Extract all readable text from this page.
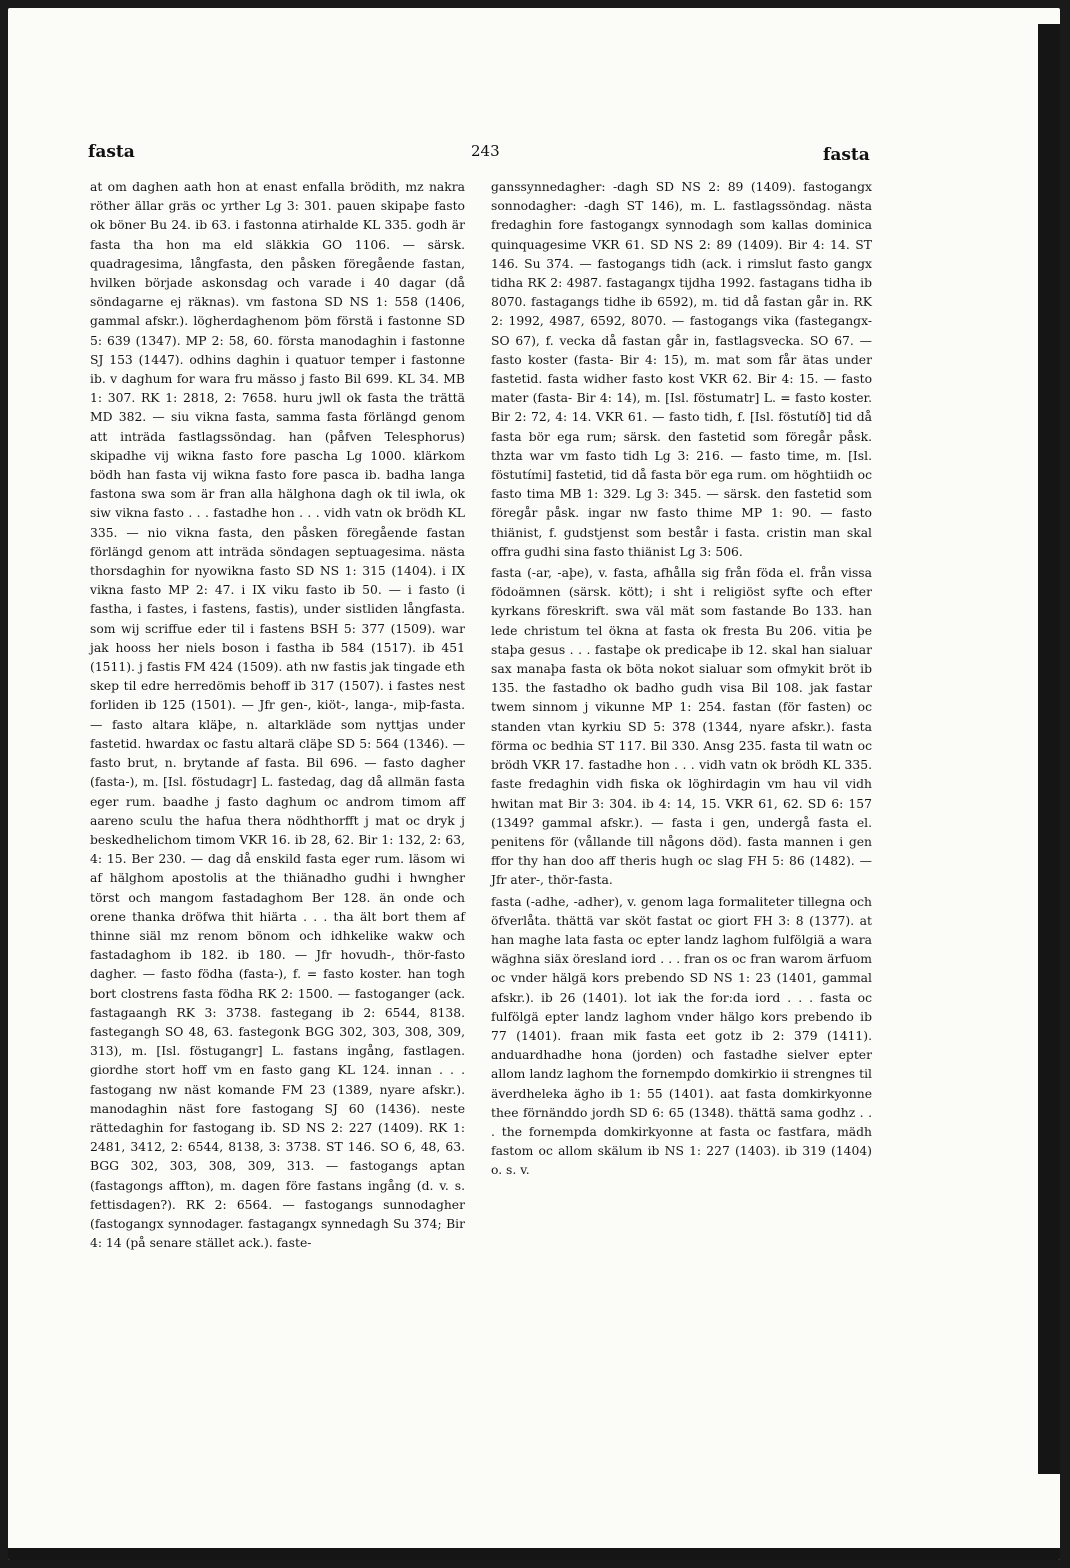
fasta	243	fasta

at om daghen aath hon at enast enfalla brödith, mz nakra röther ällar gräs oc yrther Lg 3: 301. pauen skipaþe fasto ok böner Bu 24. ib 63. i fastonna atirhalde KL 335. godh är fasta tha hon ma eld släkkia GO 1106. — särsk. quadragesima, långfasta, den påsken föregående fastan, hvilken började askonsdag och varade i 40 dagar (då söndagarne ej räknas). vm fastona SD NS 1: 558 (1406, gammal afskr.). lögherdaghenom þöm förstä i fastonne SD 5: 639 (1347). MP 2: 58, 60. första manodaghin i fastonne SJ 153 (1447). odhins daghin i quatuor temper i fastonne ib. v daghum for wara fru mässo j fasto Bil 699. KL 34. MB 1: 307. RK 1: 2818, 2: 7658. huru jwll ok fasta the trättä MD 382. — siu vikna fasta, samma fasta förlängd genom att inträda fastlagssöndag. han (påfven Telesphorus) skipadhe vij wikna fasto fore pascha Lg 1000. klärkom bödh han fasta vij wikna fasto fore pasca ib. badha langa fastona swa som är fran alla hälghona dagh ok til iwla, ok siw vikna fasto . . . fastadhe hon . . . vidh vatn ok brödh KL 335. — nio vikna fasta, den påsken föregående fastan förlängd genom att inträda söndagen septuagesima. nästa thorsdaghin for nyowikna fasto SD NS 1: 315 (1404). i IX vikna fasto MP 2: 47. i IX viku fasto ib 50. — i fasto (i fastha, i fastes, i fastens, fastis), under sistliden långfasta. som wij scriffue eder til i fastens BSH 5: 377 (1509). war jak hooss her niels boson i fastha ib 584 (1517). ib 451 (1511). j fastis FM 424 (1509). ath nw fastis jak tingade eth skep til edre herredömis behoff ib 317 (1507). i fastes nest forliden ib 125 (1501). — Jfr gen-, kiöt-, langa-, miþ-fasta. — fasto altara kläþe, n. altarkläde som nyttjas under fastetid. hwardax oc fastu altarä cläþe SD 5: 564 (1346). — fasto brut, n. brytande af fasta. Bil 696. — fasto dagher (fasta-), m. [Isl. föstudagr] L. fastedag, dag då allmän fasta eger rum. baadhe j fasto daghum oc androm timom aff aareno sculu the hafua thera nödhthorfft j mat oc dryk j beskedhelichom timom VKR 16. ib 28, 62. Bir 1: 132, 2: 63, 4: 15. Ber 230. — dag då enskild fasta eger rum. läsom wi af hälghom apostolis at the thiänadho gudhi i hwngher törst och mangom fastadaghom Ber 128. än onde och orene thanka dröfwa thit hiärta . . . tha ält bort them af thinne siäl mz renom bönom och idhkelike wakw och fastadaghom ib 182. ib 180. — Jfr hovudh-, thör-fasto dagher. — fasto födha (fasta-), f. = fasto koster. han togh bort clostrens fasta födha RK 2: 1500. — fastoganger (ack. fastagaangh RK 3: 3738. fastegang ib 2: 6544, 8138. fastegangh SO 48, 63. fastegonk BGG 302, 303, 308, 309, 313), m. [Isl. föstugangr] L. fastans ingång, fastlagen. giordhe stort hoff vm en fasto gang KL 124. innan . . . fastogang nw näst komande FM 23 (1389, nyare afskr.). manodaghin näst fore fastogang SJ 60 (1436). neste rättedaghin for fastogang ib. SD NS 2: 227 (1409). RK 1: 2481, 3412, 2: 6544, 8138, 3: 3738. ST 146. SO 6, 48, 63. BGG 302, 303, 308, 309, 313. — fastogangs aptan (fastagongs affton), m. dagen före fastans ingång (d. v. s. fettisdagen?). RK 2: 6564. — fastogangs sunnodagher (fastogangx synnodager. fastagangx synnedagh Su 374; Bir 4: 14 (på senare stället ack.). faste-

ganssynnedagher: -dagh SD NS 2: 89 (1409). fastogangx sonnodagher: -dagh ST 146), m. L. fastlagssöndag. nästa fredaghin fore fastogangx synnodagh som kallas dominica quinquagesime VKR 61. SD NS 2: 89 (1409). Bir 4: 14. ST 146. Su 374. — fastogangs tidh (ack. i rimslut fasto gangx tidha RK 2: 4987. fastagangx tijdha 1992. fastagans tidha ib 8070. fastagangs tidhe ib 6592), m. tid då fastan går in. RK 2: 1992, 4987, 6592, 8070. — fastogangs vika (fastegangx- SO 67), f. vecka då fastan går in, fastlagsvecka. SO 67. — fasto koster (fasta- Bir 4: 15), m. mat som får ätas under fastetid. fasta widher fasto kost VKR 62. Bir 4: 15. — fasto mater (fasta- Bir 4: 14), m. [Isl. föstumatr] L. = fasto koster. Bir 2: 72, 4: 14. VKR 61. — fasto tidh, f. [Isl. föstutíð] tid då fasta bör ega rum; särsk. den fastetid som föregår påsk. thzta war vm fasto tidh Lg 3: 216. — fasto time, m. [Isl. föstutími] fastetid, tid då fasta bör ega rum. om höghtiidh oc fasto tima MB 1: 329. Lg 3: 345. — särsk. den fastetid som föregår påsk. ingar nw fasto thime MP 1: 90. — fasto thiänist, f. gudstjenst som består i fasta. cristin man skal offra gudhi sina fasto thiänist Lg 3: 506.

fasta (-ar, -aþe), v. fasta, afhålla sig från föda el. från vissa födoämnen (särsk. kött); i sht i religiöst syfte och efter kyrkans föreskrift. swa väl mät som fastande Bo 133. han lede christum tel ökna at fasta ok fresta Bu 206. vitia þe staþa gesus . . . fastaþe ok predicaþe ib 12. skal han sialuar sax manaþa fasta ok böta nokot sialuar som ofmykit bröt ib 135. the fastadho ok badho gudh visa Bil 108. jak fastar twem sinnom j vikunne MP 1: 254. fastan (för fasten) oc standen vtan kyrkiu SD 5: 378 (1344, nyare afskr.). fasta förma oc bedhia ST 117. Bil 330. Ansg 235. fasta til watn oc brödh VKR 17. fastadhe hon . . . vidh vatn ok brödh KL 335. faste fredaghin vidh fiska ok löghirdagin vm hau vil vidh hwitan mat Bir 3: 304. ib 4: 14, 15. VKR 61, 62. SD 6: 157 (1349? gammal afskr.). — fasta i gen, undergå fasta el. penitens för (vållande till någons död). fasta mannen i gen ffor thy han doo aff theris hugh oc slag FH 5: 86 (1482). — Jfr ater-, thör-fasta.

fasta (-adhe, -adher), v. genom laga formaliteter tillegna och öfverlåta. thättä var sköt fastat oc giort FH 3: 8 (1377). at han maghe lata fasta oc epter landz laghom fulfölgiä a wara wäghna siäx öresland iord . . . fran os oc fran warom ärfuom oc vnder hälgä kors prebendo SD NS 1: 23 (1401, gammal afskr.). ib 26 (1401). lot iak the for:da iord . . . fasta oc fulfölgä epter landz laghom vnder hälgo kors prebendo ib 77 (1401). fraan mik fasta eet gotz ib 2: 379 (1411). anduardhadhe hona (jorden) och fastadhe sielver epter allom landz laghom the fornempdo domkirkio ii strengnes til äverdheleka ägho ib 1: 55 (1401). aat fasta domkirkyonne thee förnänddo jordh SD 6: 65 (1348). thättä sama godhz . . . the fornempda domkirkyonne at fasta oc fastfara, mädh fastom oc allom skälum ib NS 1: 227 (1403). ib 319 (1404) o. s. v.
